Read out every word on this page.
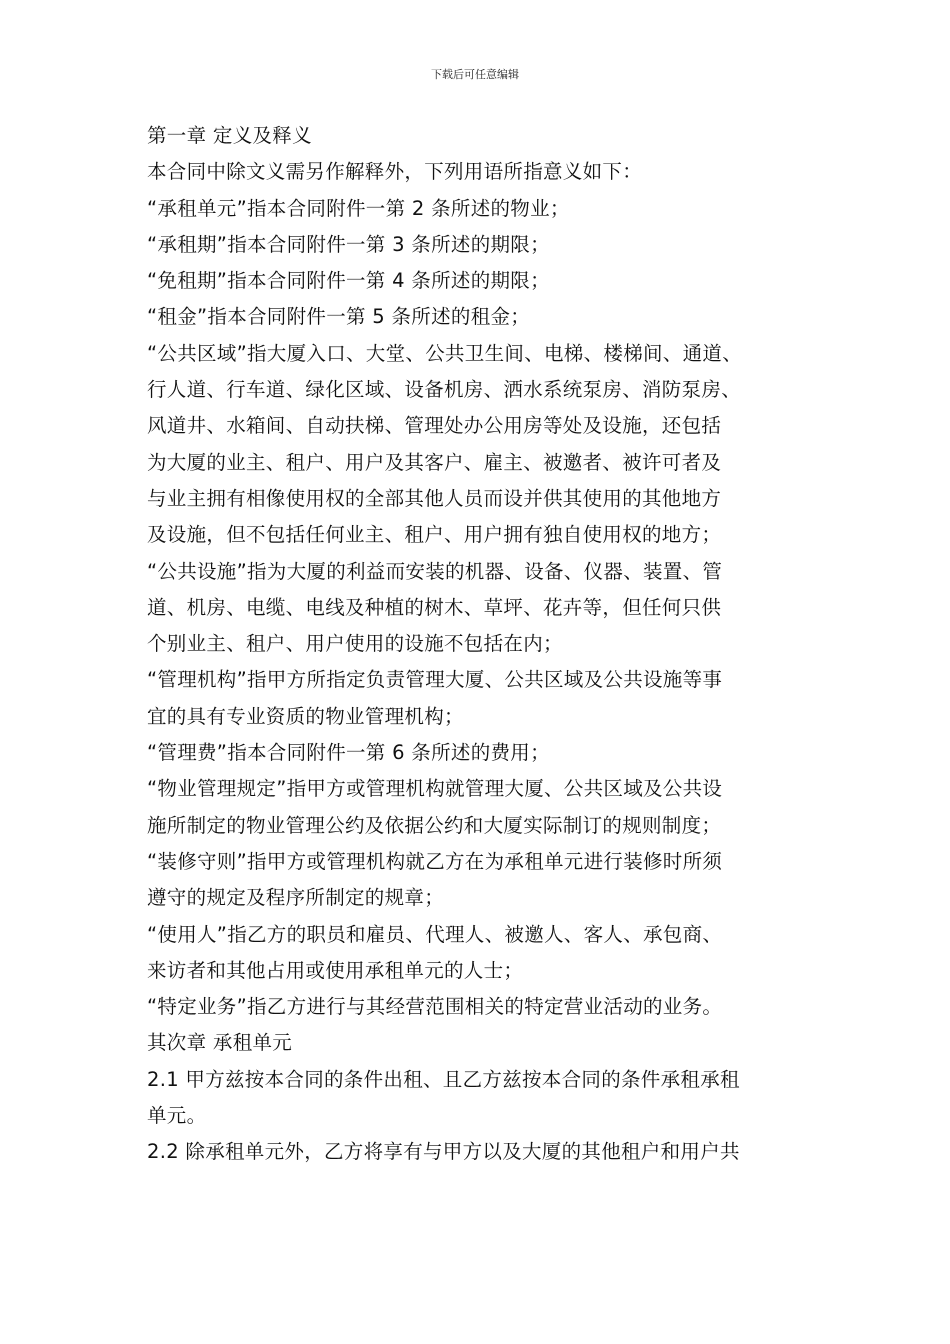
下载后可任意编辑
第一章 定义及释义
本合同中除文义需另作解释外，下列用语所指意义如下：
“承租单元”指本合同附件一第 2 条所述的物业；
“承租期”指本合同附件一第 3 条所述的期限；
“免租期”指本合同附件一第 4 条所述的期限；
“租金”指本合同附件一第 5 条所述的租金；
“公共区域”指大厦入口、大堂、公共卫生间、电梯、楼梯间、通道、
行人道、行车道、绿化区域、设备机房、洒水系统泵房、消防泵房、
风道井、水箱间、自动扶梯、管理处办公用房等处及设施，还包括
为大厦的业主、租户、用户及其客户、雇主、被邀者、被许可者及
与业主拥有相像使用权的全部其他人员而设并供其使用的其他地方
及设施，但不包括任何业主、租户、用户拥有独自使用权的地方；
“公共设施”指为大厦的利益而安装的机器、设备、仪器、装置、管
道、机房、电缆、电线及种植的树木、草坪、花卉等，但任何只供
个别业主、租户、用户使用的设施不包括在内；
“管理机构”指甲方所指定负责管理大厦、公共区域及公共设施等事
宜的具有专业资质的物业管理机构；
“管理费”指本合同附件一第 6 条所述的费用；
“物业管理规定”指甲方或管理机构就管理大厦、公共区域及公共设
施所制定的物业管理公约及依据公约和大厦实际制订的规则制度；
“装修守则”指甲方或管理机构就乙方在为承租单元进行装修时所须
遵守的规定及程序所制定的规章；
“使用人”指乙方的职员和雇员、代理人、被邀人、客人、承包商、
来访者和其他占用或使用承租单元的人士；
“特定业务”指乙方进行与其经营范围相关的特定营业活动的业务。
其次章 承租单元
2.1 甲方兹按本合同的条件出租、且乙方兹按本合同的条件承租承租
单元。
2.2 除承租单元外，乙方将享有与甲方以及大厦的其他租户和用户共
